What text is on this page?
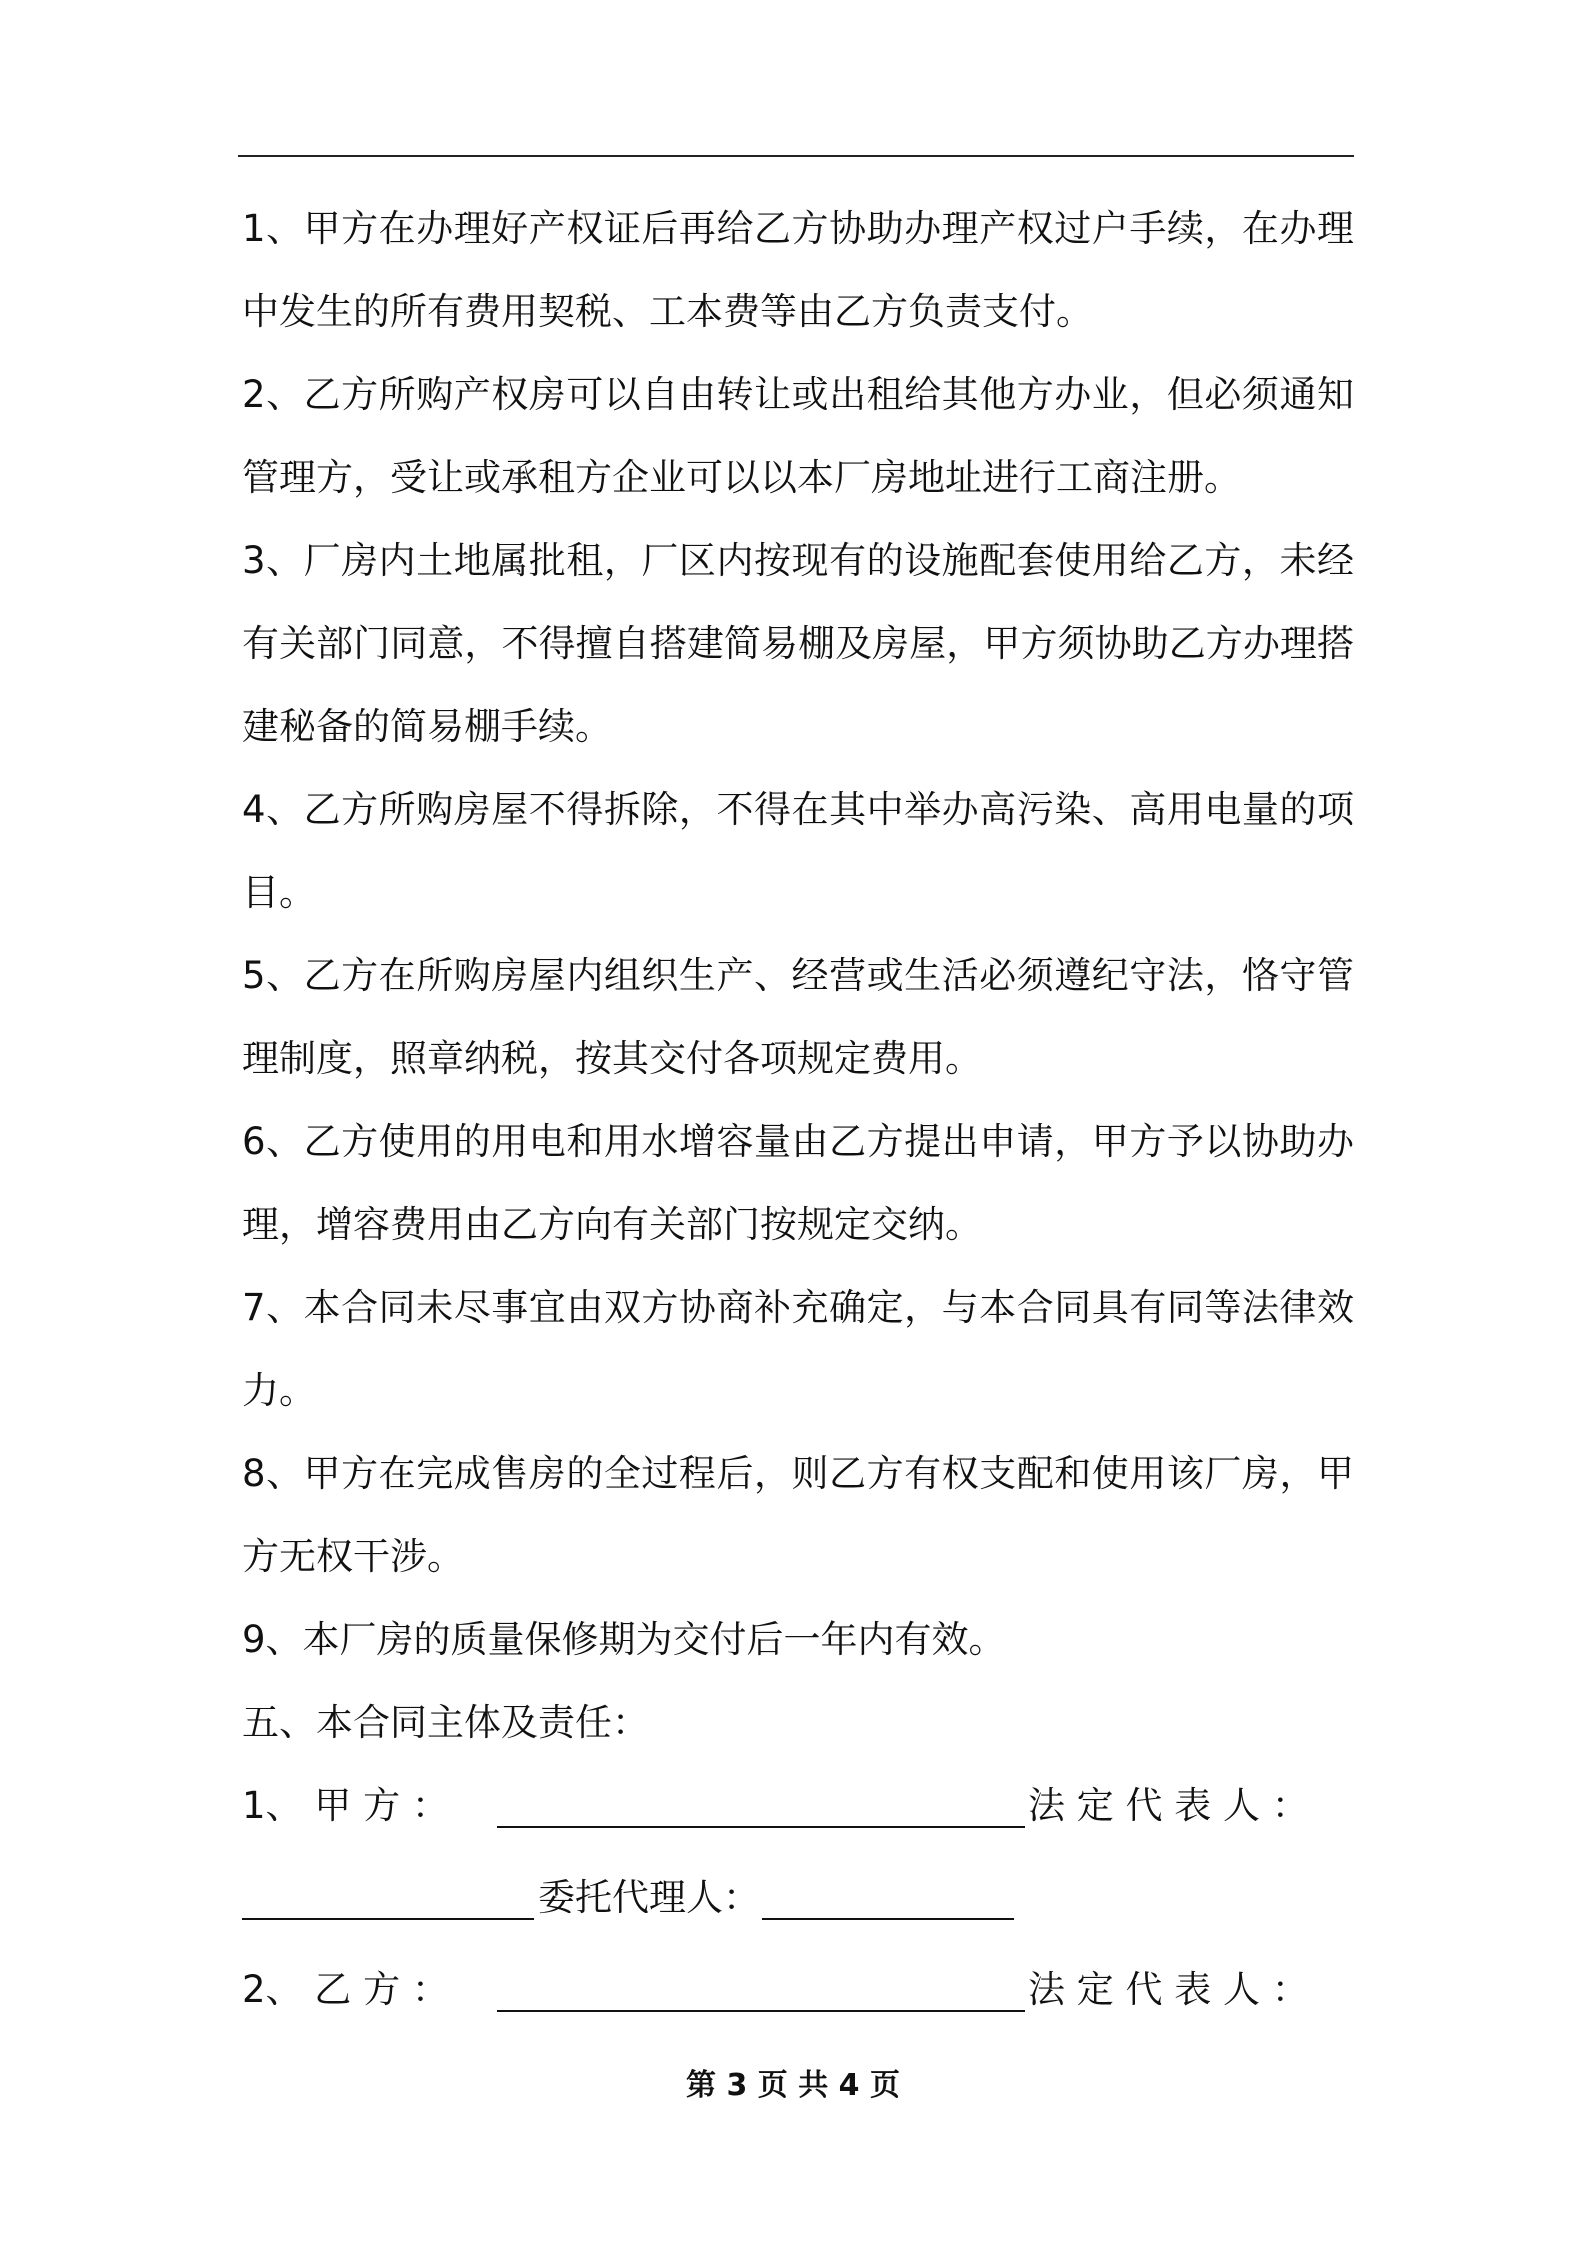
1、甲方在办理好产权证后再给乙方协助办理产权过户手续，在办理
中发生的所有费用契税、工本费等由乙方负责支付。
2、乙方所购产权房可以自由转让或出租给其他方办业，但必须通知
管理方，受让或承租方企业可以以本厂房地址进行工商注册。
3、厂房内土地属批租，厂区内按现有的设施配套使用给乙方，未经
有关部门同意，不得擅自搭建简易棚及房屋，甲方须协助乙方办理搭
建秘备的简易棚手续。
4、乙方所购房屋不得拆除，不得在其中举办高污染、高用电量的项
目。
5、乙方在所购房屋内组织生产、经营或生活必须遵纪守法，恪守管
理制度，照章纳税，按其交付各项规定费用。
6、乙方使用的用电和用水增容量由乙方提出申请，甲方予以协助办
理，增容费用由乙方向有关部门按规定交纳。
7、本合同未尽事宜由双方协商补充确定，与本合同具有同等法律效
力。
8、甲方在完成售房的全过程后，则乙方有权支配和使用该厂房，甲
方无权干涉。
9、本厂房的质量保修期为交付后一年内有效。
五、本合同主体及责任：
1、 甲 方 ：	法 定 代 表 人 ：
委托代理人：
2、 乙 方 ：	法 定 代 表 人 ：
第 3 页 共 4 页
